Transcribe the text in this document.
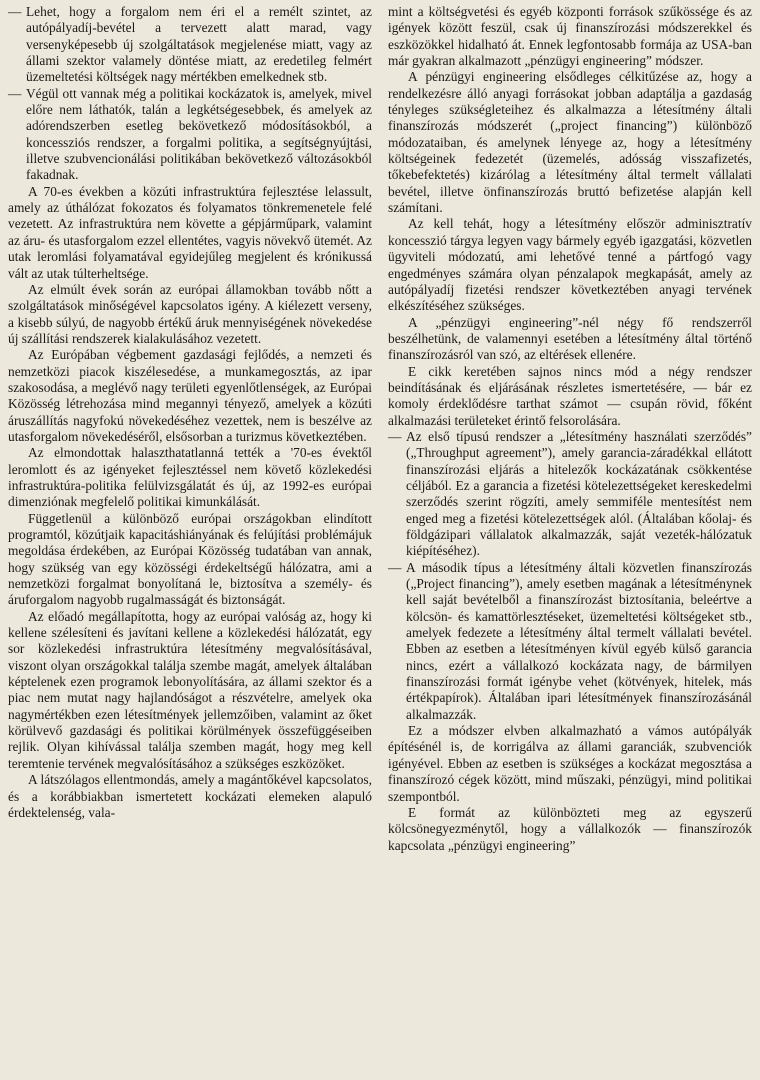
— Lehet, hogy a forgalom nem éri el a remélt szintet, az autópályadíj-bevétel a tervezett alatt marad, vagy versenyképesebb új szolgáltatások megjelenése miatt, vagy az állami szektor valamely döntése miatt, az eredetileg felmért üzemeltetési költségek nagy mértékben emelkednek stb.

— Végül ott vannak még a politikai kockázatok is, amelyek, mivel előre nem láthatók, talán a legkétségesebbek, és amelyek az adórendszerben esetleg bekövetkező módosításokból, a koncessziós rendszer, a forgalmi politika, a segítségnyújtási, illetve szubvencionálási politikában bekövetkező változásokból fakadnak.

A 70-es években a közúti infrastruktúra fejlesztése lelassult, amely az úthálózat fokozatos és folyamatos tönkremenetele felé vezetett. Az infrastruktúra nem követte a gépjárműpark, valamint az áru- és utasforgalom ezzel ellentétes, vagyis növekvő ütemét. Az utak leromlási folyamatával egyidejűleg megjelent és krónikussá vált az utak túlterheltsége.

Az elmúlt évek során az európai államokban tovább nőtt a szolgáltatások minőségével kapcsolatos igény. A kiélezett verseny, a kisebb súlyú, de nagyobb értékű áruk mennyiségének növekedése új szállítási rendszerek kialakulásához vezetett.

Az Európában végbement gazdasági fejlődés, a nemzeti és nemzetközi piacok kiszélesedése, a munkamegosztás, az ipar szakosodása, a meglévő nagy területi egyenlőtlenségek, az Európai Közösség létrehozása mind megannyi tényező, amelyek a közúti áruszállítás nagyfokú növekedéséhez vezettek, nem is beszélve az utasforgalom növekedéséről, elsősorban a turizmus következtében.

Az elmondottak halaszthatatlanná tették a '70-es évektől leromlott és az igényeket fejlesztéssel nem követő közlekedési infrastruktúra-politika felülvizsgálatát és új, az 1992-es európai dimenziónak megfelelő politikai kimunkálását.

Függetlenül a különböző európai országokban elindított programtól, közútjaik kapacitáshiányának és felújítási problémájuk megoldása érdekében, az Európai Közösség tudatában van annak, hogy szükség van egy közösségi érdekeltségű hálózatra, ami a nemzetközi forgalmat bonyolítaná le, biztosítva a személy- és áruforgalom nagyobb rugalmasságát és biztonságát.

Az előadó megállapította, hogy az európai valóság az, hogy ki kellene szélesíteni és javítani kellene a közlekedési hálózatát, egy sor közlekedési infrastruktúra létesítmény megvalósításával, viszont olyan országokkal találja szembe magát, amelyek általában képtelenek ezen programok lebonyolítására, az állami szektor és a piac nem mutat nagy hajlandóságot a részvételre, amelyek oka nagymértékben ezen létesítmények jellemzőiben, valamint az őket körülvevő gazdasági és politikai körülmények összefüggéseiben rejlik. Olyan kihívással találja szemben magát, hogy meg kell teremtenie tervének megvalósításához a szükséges eszközöket.

A látszólagos ellentmondás, amely a magántőkével kapcsolatos, és a korábbiakban ismertetett kockázati elemeken alapuló érdektelenség, vala-

mint a költségvetési és egyéb központi források szűkössége és az igények között feszül, csak új finanszírozási módszerekkel és eszközökkel hidalható át. Ennek legfontosabb formája az USA-ban már gyakran alkalmazott „pénzügyi engineering” módszer.

A pénzügyi engineering elsődleges célkitűzése az, hogy a rendelkezésre álló anyagi forrásokat jobban adaptálja a gazdaság tényleges szükségleteihez és alkalmazza a létesítmény általi finanszírozás módszerét („project financing”) különböző módozataiban, és amelynek lényege az, hogy a létesítmény költségeinek fedezetét (üzemelés, adósság visszafizetés, tőkebefektetés) kizárólag a létesítmény által termelt vállalati bevétel, illetve önfinanszírozás bruttó befizetése alapján kell számítani.

Az kell tehát, hogy a létesítmény először adminisztratív koncesszió tárgya legyen vagy bármely egyéb igazgatási, közvetlen ügyviteli módozatú, ami lehetővé tenné a pártfogó vagy engedményes számára olyan pénzalapok megkapását, amely az autópályadíj fizetési rendszer következtében anyagi tervének elkészítéséhez szükséges.

A „pénzügyi engineering”-nél négy fő rendszerről beszélhetünk, de valamennyi esetében a létesítmény által történő finanszírozásról van szó, az eltérések ellenére.

E cikk keretében sajnos nincs mód a négy rendszer beindításának és eljárásának részletes ismertetésére, — bár ez komoly érdeklődésre tarthat számot — csupán rövid, főként alkalmazási területeket érintő felsorolására.

— Az első típusú rendszer a „létesítmény használati szerződés” („Throughput agreement”), amely garancia-záradékkal ellátott finanszírozási eljárás a hitelezők kockázatának csökkentése céljából. Ez a garancia a fizetési kötelezettségeket kereskedelmi szerződés szerint rögzíti, amely semmiféle mentesítést nem enged meg a fizetési kötelezettségek alól. (Általában kőolaj- és földgázipari vállalatok alkalmazzák, saját vezeték-hálózatuk kiépítéséhez).

— A második típus a létesítmény általi közvetlen finanszírozás („Project financing”), amely esetben magának a létesítménynek kell saját bevételből a finanszírozást biztosítania, beleértve a kölcsön- és kamattörlesztéseket, üzemeltetési költségeket stb., amelyek fedezete a létesítmény által termelt vállalati bevétel. Ebben az esetben a létesítményen kívül egyéb külső garancia nincs, ezért a vállalkozó kockázata nagy, de bármilyen finanszírozási formát igénybe vehet (kötvények, hitelek, más értékpapírok). Általában ipari létesítmények finanszírozásánál alkalmazzák.

Ez a módszer elvben alkalmazható a vámos autópályák építésénél is, de korrigálva az állami garanciák, szubvenciók igényével. Ebben az esetben is szükséges a kockázat megosztása a finanszírozó cégek között, mind műszaki, pénzügyi, mind politikai szempontból.

E formát az különbözteti meg az egyszerű kölcsönegyezménytől, hogy a vállalkozók — finanszírozók kapcsolata „pénzügyi engineering”
